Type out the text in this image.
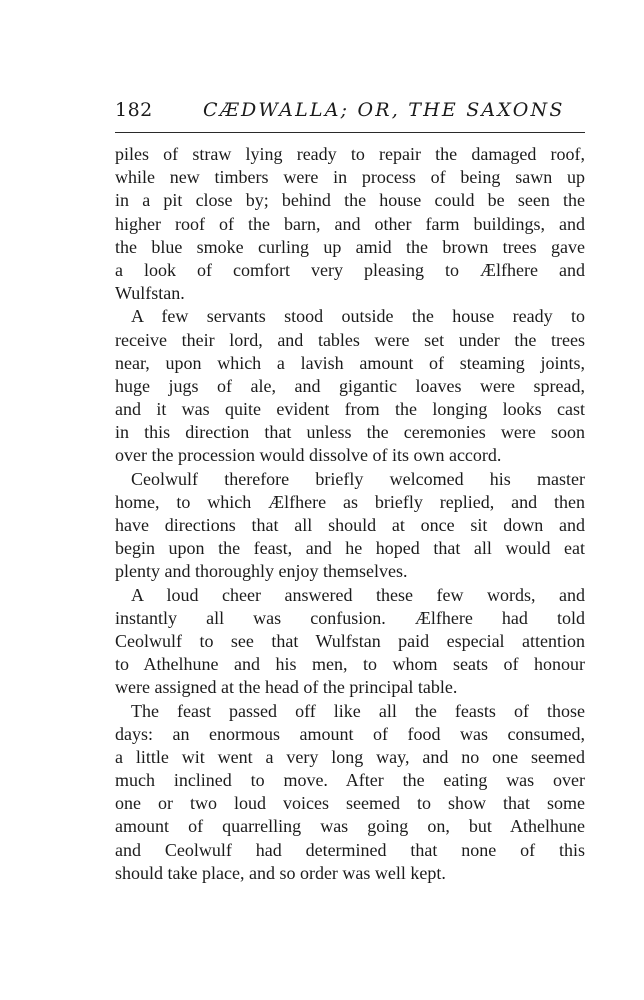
182	CÆDWALLA; OR, THE SAXONS
piles of straw lying ready to repair the damaged roof,
while new timbers were in process of being sawn up
in a pit close by; behind the house could be seen the
higher roof of the barn, and other farm buildings, and
the blue smoke curling up amid the brown trees gave
a look of comfort very pleasing to Ælfhere and
Wulfstan.
A few servants stood outside the house ready to
receive their lord, and tables were set under the trees
near, upon which a lavish amount of steaming joints,
huge jugs of ale, and gigantic loaves were spread,
and it was quite evident from the longing looks cast
in this direction that unless the ceremonies were soon
over the procession would dissolve of its own accord.
Ceolwulf therefore briefly welcomed his master
home, to which Ælfhere as briefly replied, and then
have directions that all should at once sit down and
begin upon the feast, and he hoped that all would eat
plenty and thoroughly enjoy themselves.
A loud cheer answered these few words, and
instantly all was confusion. Ælfhere had told
Ceolwulf to see that Wulfstan paid especial attention
to Athelhune and his men, to whom seats of honour
were assigned at the head of the principal table.
The feast passed off like all the feasts of those
days: an enormous amount of food was consumed,
a little wit went a very long way, and no one seemed
much inclined to move. After the eating was over
one or two loud voices seemed to show that some
amount of quarrelling was going on, but Athelhune
and Ceolwulf had determined that none of this
should take place, and so order was well kept.
